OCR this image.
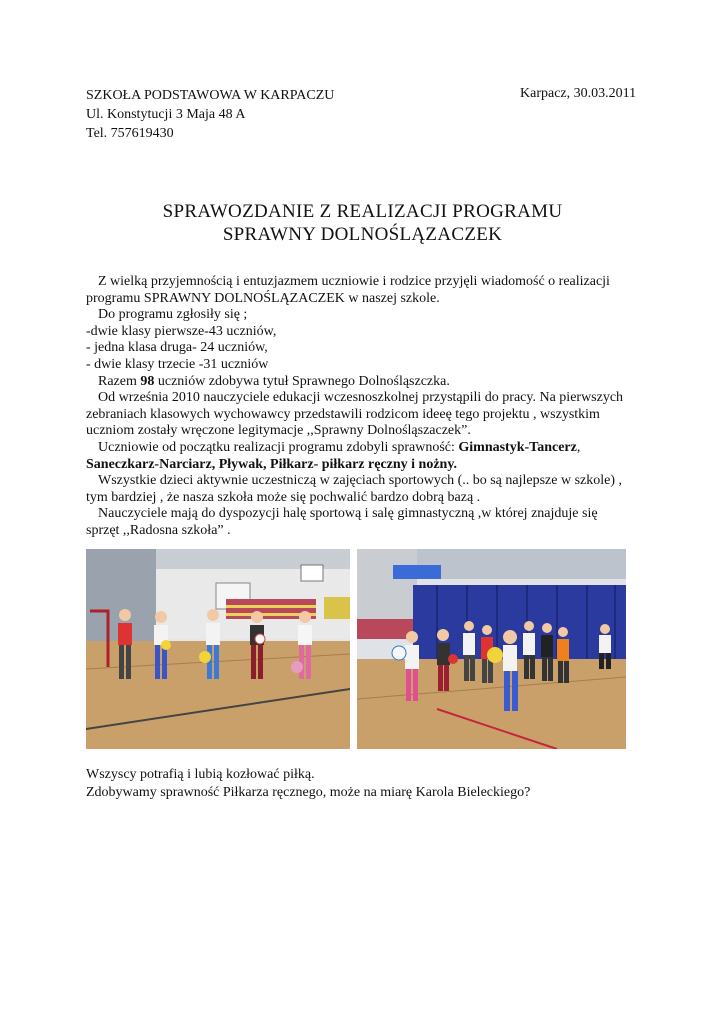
SZKOŁA PODSTAWOWA W KARPACZU
Ul. Konstytucji 3 Maja 48 A
Tel. 757619430
Karpacz, 30.03.2011
SPRAWOZDANIE Z REALIZACJI PROGRAMU
SPRAWNY DOLNOŚLĄZACZEK

Z wielką przyjemnością i entuzjazmem uczniowie i rodzice przyjęli wiadomość o realizacji

programu SPRAWNY DOLNOŚLĄZACZEK w naszej szkole.

Do programu zgłosiły się ;

-dwie klasy pierwsze-43 uczniów,

- jedna klasa druga- 24 uczniów,

- dwie klasy trzecie -31 uczniów

Razem 98 uczniów zdobywa tytuł Sprawnego Dolnośląszczka.

Od września 2010 nauczyciele edukacji wczesnoszkolnej przystąpili do pracy. Na pierwszych

zebraniach klasowych wychowawcy przedstawili rodzicom ideeę tego projektu , wszystkim

uczniom zostały wręczone legitymacje ,,Sprawny Dolnośląszaczek”.

Uczniowie od początku realizacji programu zdobyli sprawność: Gimnastyk-Tancerz,

Saneczkarz-Narciarz, Pływak, Piłkarz- piłkarz ręczny i nożny.

Wszystkie dzieci aktywnie uczestniczą w zajęciach sportowych (.. bo są najlepsze w szkole) ,

tym bardziej , że nasza szkoła może się pochwalić bardzo dobrą bazą .

Nauczyciele mają do dyspozycji halę sportową i salę gimnastyczną ,w której znajduje się

sprzęt ,,Radosna szkoła” .

Wszyscy potrafią i lubią kozłować piłką.

Zdobywamy sprawność Piłkarza ręcznego, może na miarę Karola Bieleckiego?
